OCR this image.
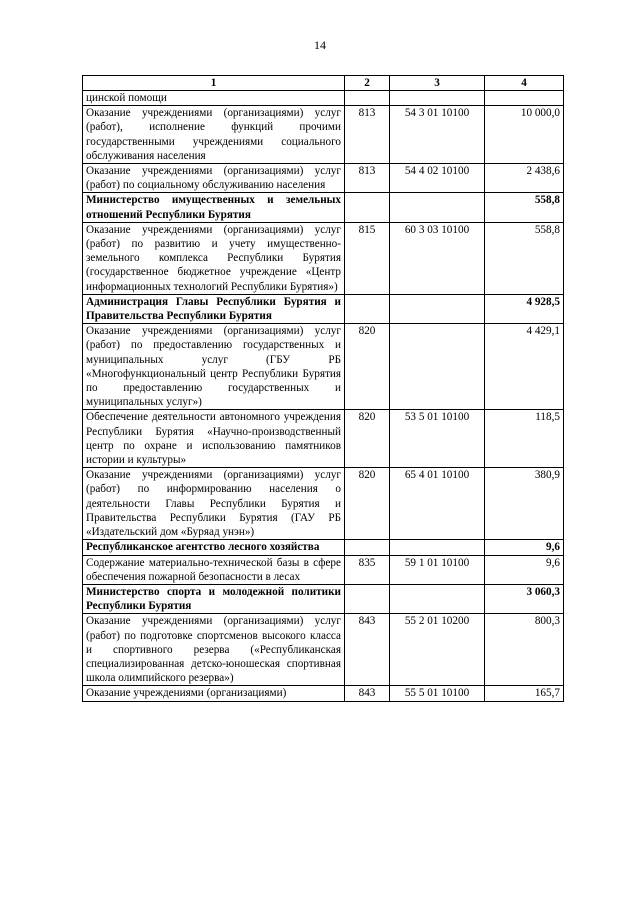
14
1	2	3	4
цинской помощи			
Оказание учреждениями (организациями) услуг (работ), исполнение функций прочими государственными учреждениями социального обслуживания населения	813	54 3 01 10100	10 000,0
Оказание учреждениями (организациями) услуг (работ) по социальному обслуживанию населения	813	54 4 02 10100	2 438,6
Министерство имущественных и земельных отношений Республики Бурятия			558,8
Оказание учреждениями (организациями) услуг (работ) по развитию и учету имущественно-земельного комплекса Республики Бурятия (государственное бюджетное учреждение «Центр информационных технологий Республики Бурятия»)	815	60 3 03 10100	558,8
Администрация Главы Республики Бурятия и Правительства Республики Бурятия			4 928,5
Оказание учреждениями (организациями) услуг (работ) по предоставлению государственных и муниципальных услуг (ГБУ РБ «Многофункциональный центр Республики Бурятия по предоставлению государственных и муниципальных услуг»)	820		4 429,1
Обеспечение деятельности автономного учреждения Республики Бурятия «Научно-производственный центр по охране и использованию памятников истории и культуры»	820	53 5 01 10100	118,5
Оказание учреждениями (организациями) услуг (работ) по информированию населения о деятельности Главы Республики Бурятия и Правительства Республики Бурятия (ГАУ РБ «Издательский дом «Буряад унэн»)	820	65 4 01 10100	380,9
Республиканское агентство лесного хозяйства			9,6
Содержание материально-технической базы в сфере обеспечения пожарной безопасности в лесах	835	59 1 01 10100	9,6
Министерство спорта и молодежной политики Республики Бурятия			3 060,3
Оказание учреждениями (организациями) услуг (работ) по подготовке спортсменов высокого класса и спортивного резерва («Республиканская специализированная детско-юношеская спортивная школа олимпийского резерва»)	843	55 2 01 10200	800,3
Оказание учреждениями (организациями)	843	55 5 01 10100	165,7
